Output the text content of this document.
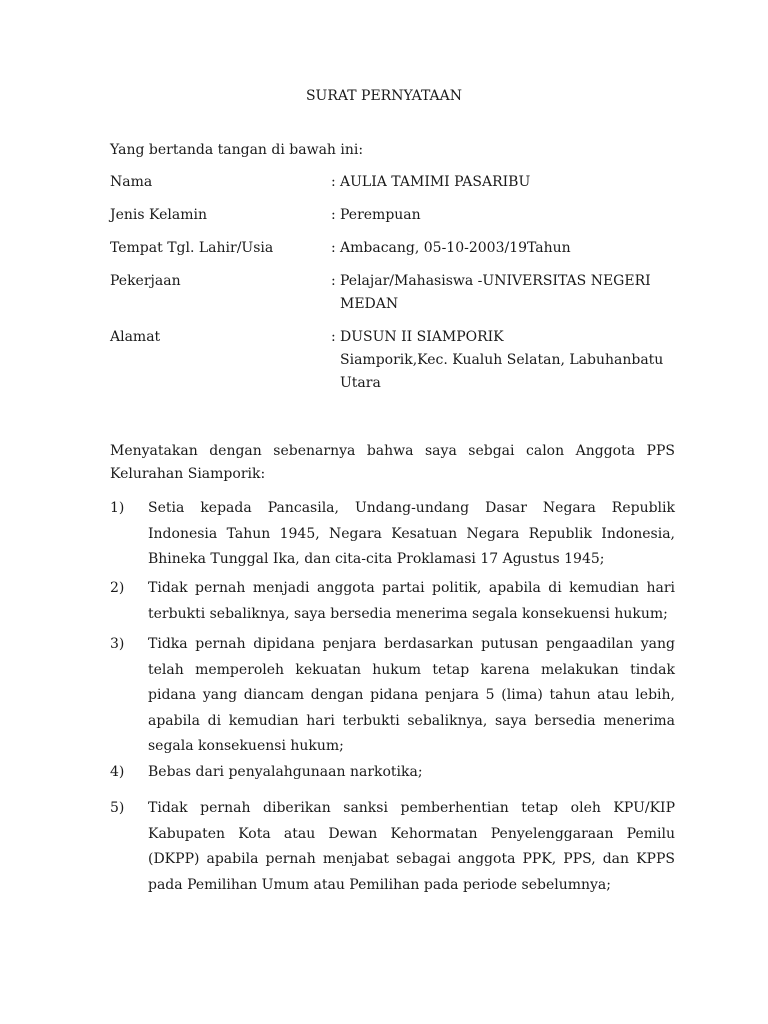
SURAT PERNYATAAN
Yang bertanda tangan di bawah ini:
Nama	: AULIA TAMIMI PASARIBU
Jenis Kelamin	: Perempuan
Tempat Tgl. Lahir/Usia	: Ambacang, 05-10-2003/19Tahun
Pekerjaan	: Pelajar/Mahasiswa -UNIVERSITAS NEGERI
MEDAN
Alamat	: DUSUN II SIAMPORIK
Siamporik,Kec. Kualuh Selatan, Labuhanbatu
Utara
Menyatakan dengan sebenarnya bahwa saya sebgai calon Anggota PPS Kelurahan Siamporik:
1) Setia kepada Pancasila, Undang-undang Dasar Negara Republik Indonesia Tahun 1945, Negara Kesatuan Negara Republik Indonesia, Bhineka Tunggal Ika, dan cita-cita Proklamasi 17 Agustus 1945;
2) Tidak pernah menjadi anggota partai politik, apabila di kemudian hari terbukti sebaliknya, saya bersedia menerima segala konsekuensi hukum;
3) Tidka pernah dipidana penjara berdasarkan putusan pengaadilan yang telah memperoleh kekuatan hukum tetap karena melakukan tindak pidana yang diancam dengan pidana penjara 5 (lima) tahun atau lebih, apabila di kemudian hari terbukti sebaliknya, saya bersedia menerima segala konsekuensi hukum;
4) Bebas dari penyalahgunaan narkotika;
5) Tidak pernah diberikan sanksi pemberhentian tetap oleh KPU/KIP Kabupaten Kota atau Dewan Kehormatan Penyelenggaraan Pemilu (DKPP) apabila pernah menjabat sebagai anggota PPK, PPS, dan KPPS pada Pemilihan Umum atau Pemilihan pada periode sebelumnya;
